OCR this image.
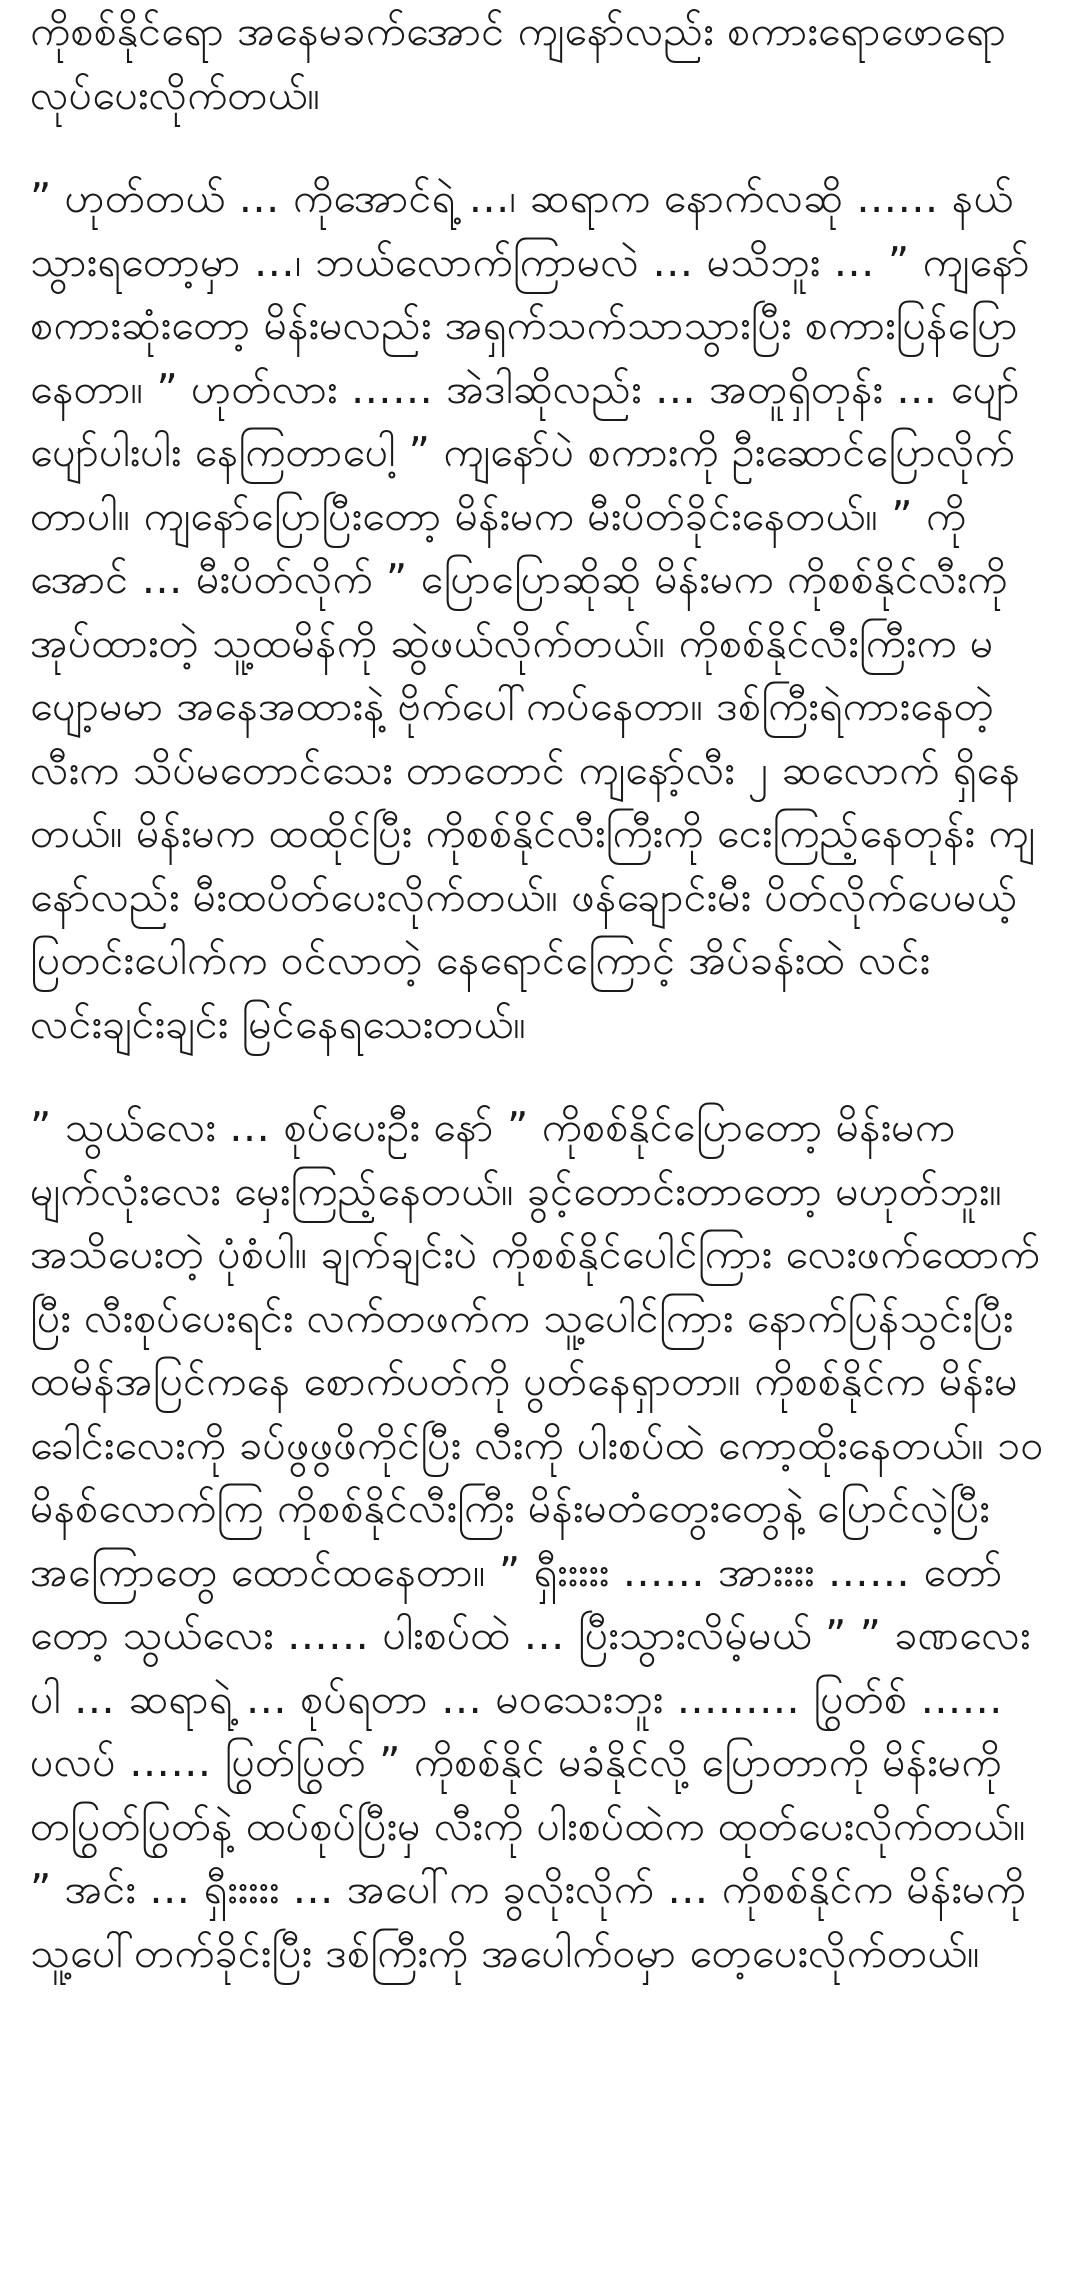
ကိုစစ်နိုင်ရော အနေမခက်အောင် ကျနော်လည်း စကားရောဖောရော လုပ်ပေးလိုက်တယ်။

” ဟုတ်တယ် … ကိုအောင်ရဲ့ …၊ ဆရာက နောက်လဆို …… နယ်သွားရတော့မှာ …၊ ဘယ်လောက်ကြာမလဲ … မသိဘူး … ” ကျနော် စကားဆုံးတော့ မိန်းမလည်း အရှက်သက်သာသွားပြီး စကားပြန်ပြောနေတာ။ ” ဟုတ်လား …… အဲဒါဆိုလည်း … အတူရှိတုန်း … ပျော်ပျော်ပါးပါး နေကြတာပေါ့ ” ကျနော်ပဲ စကားကို ဦးဆောင်ပြောလိုက်တာပါ။ ကျနော်ပြောပြီးတော့ မိန်းမက မီးပိတ်ခိုင်းနေတယ်။ ” ကိုအောင် … မီးပိတ်လိုက် ” ပြောပြောဆိုဆို မိန်းမက ကိုစစ်နိုင်လီးကို အုပ်ထားတဲ့ သူ့ထမိန်ကို ဆွဲဖယ်လိုက်တယ်။ ကိုစစ်နိုင်လီးကြီးက မပျော့မမာ အနေအထားနဲ့ ဗိုက်ပေါ်ကပ်နေတာ။ ဒစ်ကြီးရဲကားနေတဲ့ လီးက သိပ်မတောင်သေး တာတောင် ကျနော့်လီး ၂ ဆလောက် ရှိနေတယ်။ မိန်းမက ထထိုင်ပြီး ကိုစစ်နိုင်လီးကြီးကို ငေးကြည့်နေတုန်း ကျနော်လည်း မီးထပိတ်ပေးလိုက်တယ်။ ဖန်ချောင်းမီး ပိတ်လိုက်ပေမယ့် ပြတင်းပေါက်က ဝင်လာတဲ့ နေရောင်ကြောင့် အိပ်ခန်းထဲ လင်းလင်းချင်းချင်း မြင်နေရသေးတယ်။

” သွယ်လေး … စုပ်ပေးဦး နော် ” ကိုစစ်နိုင်ပြောတော့ မိန်းမက မျက်လုံးလေး မှေးကြည့်နေတယ်။ ခွင့်တောင်းတာတော့ မဟုတ်ဘူး။ အသိပေးတဲ့ ပုံစံပါ။ ချက်ချင်းပဲ ကိုစစ်နိုင်ပေါင်ကြား လေးဖက်ထောက်ပြီး လီးစုပ်ပေးရင်း လက်တဖက်က သူ့ပေါင်ကြား နောက်ပြန်သွင်းပြီး ထမိန်အပြင်ကနေ စောက်ပတ်ကို ပွတ်နေရှာတာ။ ကိုစစ်နိုင်က မိန်းမခေါင်းလေးကို ခပ်ဖွဖွဖိကိုင်ပြီး လီးကို ပါးစပ်ထဲ ကော့ထိုးနေတယ်။ ၁၀ မိနစ်လောက်ကြ ကိုစစ်နိုင်လီးကြီး မိန်းမတံတွေးတွေနဲ့ ပြောင်လဲ့ပြီး အကြောတွေ ထောင်ထနေတာ။ ” ရှီးးးးး …… အားးးး …… တော်တော့ သွယ်လေး …… ပါးစပ်ထဲ … ပြီးသွားလိမ့်မယ် ” ” ခဏလေးပါ … ဆရာရဲ့ … စုပ်ရတာ … မဝသေးဘူး ……… ပြွတ်စ် …… ပလပ် …… ပြွတ်ပြွတ် ” ကိုစစ်နိုင် မခံနိုင်လို့ ပြောတာကို မိန်းမကို တပြွတ်ပြွတ်နဲ့ ထပ်စုပ်ပြီးမှ လီးကို ပါးစပ်ထဲက ထုတ်ပေးလိုက်တယ်။ ” အင်း … ရှီးးးးး … အပေါ်က ခွလိုးလိုက် … ကိုစစ်နိုင်က မိန်းမကို သူ့ပေါ်တက်ခိုင်းပြီး ဒစ်ကြီးကို အပေါက်ဝမှာ တေ့ပေးလိုက်တယ်။
